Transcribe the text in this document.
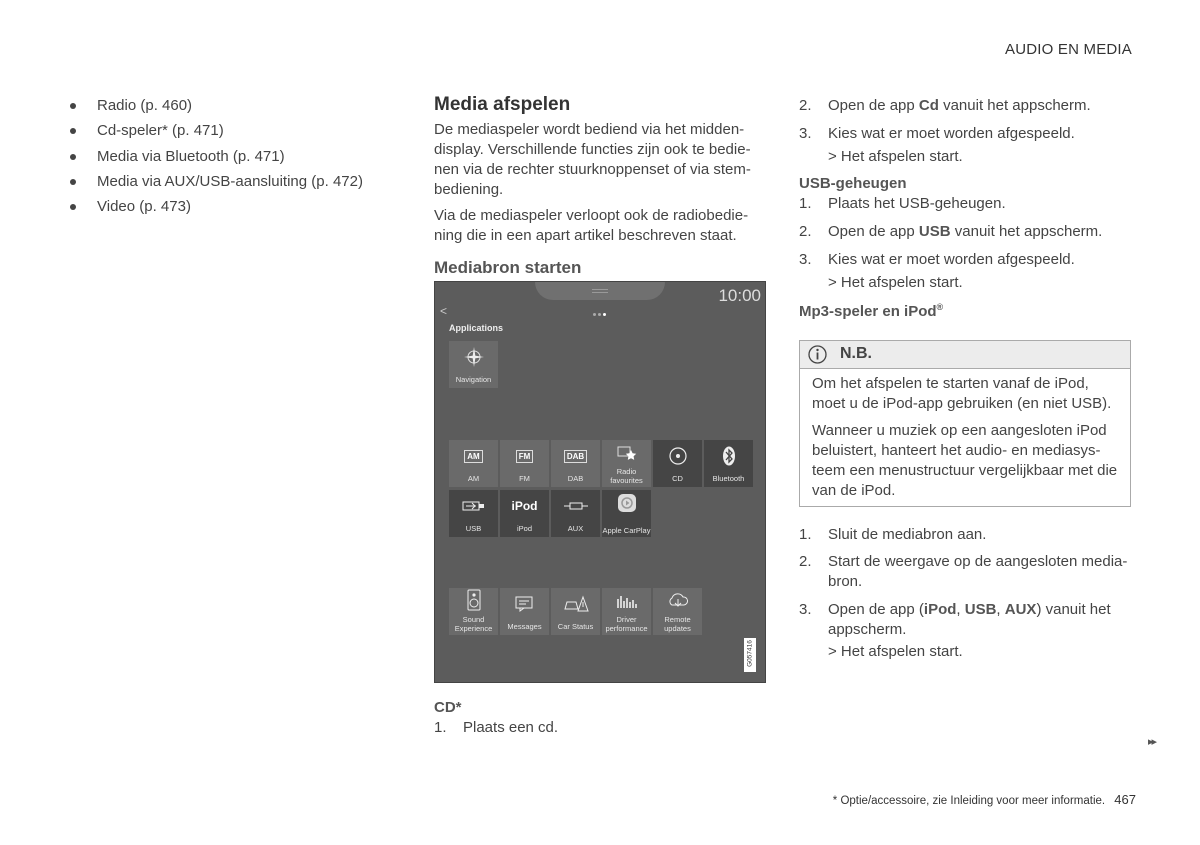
AUDIO EN MEDIA
Radio (p. 460)
Cd-speler* (p. 471)
Media via Bluetooth (p. 471)
Media via AUX/USB-aansluiting (p. 472)
Video (p. 473)
Media afspelen
De mediaspeler wordt bediend via het midden-
display. Verschillende functies zijn ook te bedie-
nen via de rechter stuurknoppenset of via stem-
bediening.
Via de mediaspeler verloopt ook de radiobedie-
ning die in een apart artikel beschreven staat.
Mediabron starten
10:00
<
Applications
Navigation
AM
AM
FM
FM
DAB
DAB
Radio favourites	CD	Bluetooth
USB
iPod
iPod	AUX	Apple CarPlay
Sound Experience	Messages	Car Status
Driver performance
Remote updates
G057416
CD*
1. Plaats een cd.
2. Open de app Cd vanuit het appscherm.
3. Kies wat er moet worden afgespeeld.
> Het afspelen start.
USB-geheugen
1. Plaats het USB-geheugen.
2. Open de app USB vanuit het appscherm.
3. Kies wat er moet worden afgespeeld.
> Het afspelen start.
Mp3-speler en iPod®
N.B.
Om het afspelen te starten vanaf de iPod,
moet u de iPod-app gebruiken (en niet USB).
Wanneer u muziek op een aangesloten iPod
beluistert, hanteert het audio- en mediasys-
teem een menustructuur vergelijkbaar met die
van de iPod.
1. Sluit de mediabron aan.
2. Start de weergave op de aangesloten media-
bron.
3. Open de app (iPod, USB, AUX) vanuit het
appscherm.
> Het afspelen start.
▸▸
* Optie/accessoire, zie Inleiding voor meer informatie. 467
